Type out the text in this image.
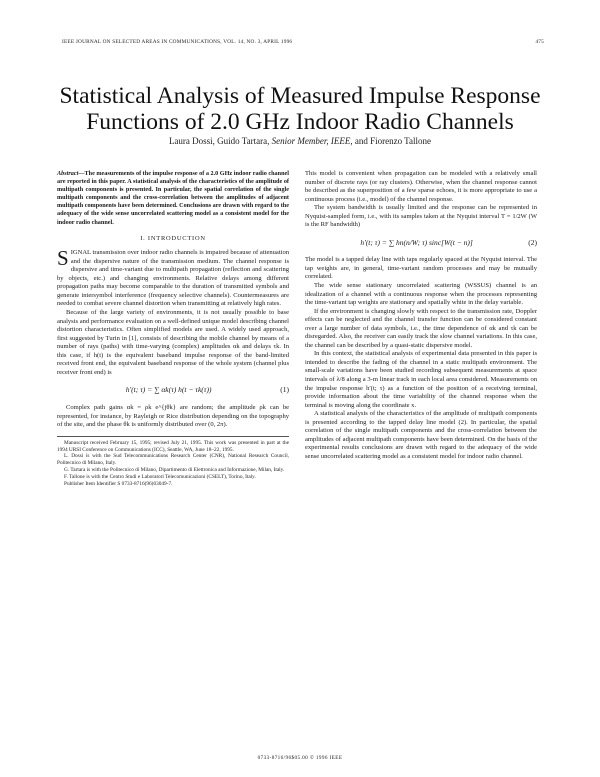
IEEE JOURNAL ON SELECTED AREAS IN COMMUNICATIONS, VOL. 14, NO. 3, APRIL 1996	475
Statistical Analysis of Measured Impulse Response
Functions of 2.0 GHz Indoor Radio Channels
Laura Dossi, Guido Tartara, Senior Member, IEEE, and Fiorenzo Tallone
Abstract—The measurements of the impulse response of a 2.0 GHz indoor radio channel are reported in this paper. A statistical analysis of the characteristics of the amplitude of multipath components is presented. In particular, the spatial correlation of the single multipath components and the cross-correlation between the amplitudes of adjacent multipath components have been determined. Conclusions are drawn with regard to the adequacy of the wide sense uncorrelated scattering model as a consistent model for the indoor radio channel.
I. INTRODUCTION

SIGNAL transmission over indoor radio channels is impaired because of attenuation and the dispersive nature of the transmission medium. The channel response is dispersive and time-variant due to multipath propagation (reflection and scattering by objects, etc.) and changing environments. Relative delays among different propagation paths may become comparable to the duration of transmitted symbols and generate intersymbol interference (frequency selective channels). Countermeasures are needed to combat severe channel distortion when transmitting at relatively high rates.

Because of the large variety of environments, it is not usually possible to base analysis and performance evaluation on a well-defined unique model describing channel distortion characteristics. Often simplified models are used. A widely used approach, first suggested by Turin in [1], consists of describing the mobile channel by means of a number of rays (paths) with time-varying (complex) amplitudes αk and delays τk. In this case, if h(t) is the equivalent baseband impulse response of the band-limited received front end, the equivalent baseband response of the whole system (channel plus receiver front end) is

h′(t; τ) = ∑ αk(τ) h(t − τk(τ))	(1)

Complex path gains αk = ρk e^{jθk} are random; the amplitude ρk can be represented, for instance, by Rayleigh or Rice distribution depending on the topography of the site, and the phase θk is uniformly distributed over (0, 2π).

Manuscript received February 15, 1995; revised July 21, 1995. This work was presented in part at the 1994 URSI Conference on Communications (ICC), Seattle, WA, June 18–22, 1995.
L. Dossi is with the Sud Telecommunications Research Center (CNR), National Research Council, Politecnico di Milano, Italy.
G. Tartara is with the Politecnico di Milano, Dipartimento di Elettronica and Informazione, Milan, Italy.
F. Tallone is with the Centro Studi e Laboratori Telecomunicazioni (CSELT), Torino, Italy.
Publisher Item Identifier S 0733-8716(96)03049-7.

This model is convenient when propagation can be modeled with a relatively small number of discrete rays (or ray clusters). Otherwise, when the channel response cannot be described as the superposition of a few sparse echoes, it is more appropriate to use a continuous process (i.e., model) of the channel response.

The system bandwidth is usually limited and the response can be represented in Nyquist-sampled form, i.e., with its samples taken at the Nyquist interval T = 1/2W (W is the RF bandwidth)

h′(t; τ) = ∑ hn(n/W; τ) sinc[W(t − n)]	(2)

The model is a tapped delay line with taps regularly spaced at the Nyquist interval. The tap weights are, in general, time-variant random processes and may be mutually correlated.

The wide sense stationary uncorrelated scattering (WSSUS) channel is an idealization of a channel with a continuous response when the processes representing the time-variant tap weights are stationary and spatially white in the delay variable.

If the environment is changing slowly with respect to the transmission rate, Doppler effects can be neglected and the channel transfer function can be considered constant over a large number of data symbols, i.e., the time dependence of αk and τk can be disregarded. Also, the receiver can easily track the slow channel variations. In this case, the channel can be described by a quasi-static dispersive model.

In this context, the statistical analysis of experimental data presented in this paper is intended to describe the fading of the channel in a static multipath environment. The small-scale variations have been studied recording subsequent measurements at space intervals of λ/8 along a 3-m linear track in each local area considered. Measurements on the impulse response h′(t; τ) as a function of the position of a receiving terminal, provide information about the time variability of the channel response when the terminal is moving along the coordinate x.

A statistical analysis of the characteristics of the amplitude of multipath components is presented according to the tapped delay line model (2). In particular, the spatial correlation of the single multipath components and the cross-correlation between the amplitudes of adjacent multipath components have been determined. On the basis of the experimental results conclusions are drawn with regard to the adequacy of the wide sense uncorrelated scattering model as a consistent model for indoor radio channel.

0733-8716/96$05.00 © 1996 IEEE
